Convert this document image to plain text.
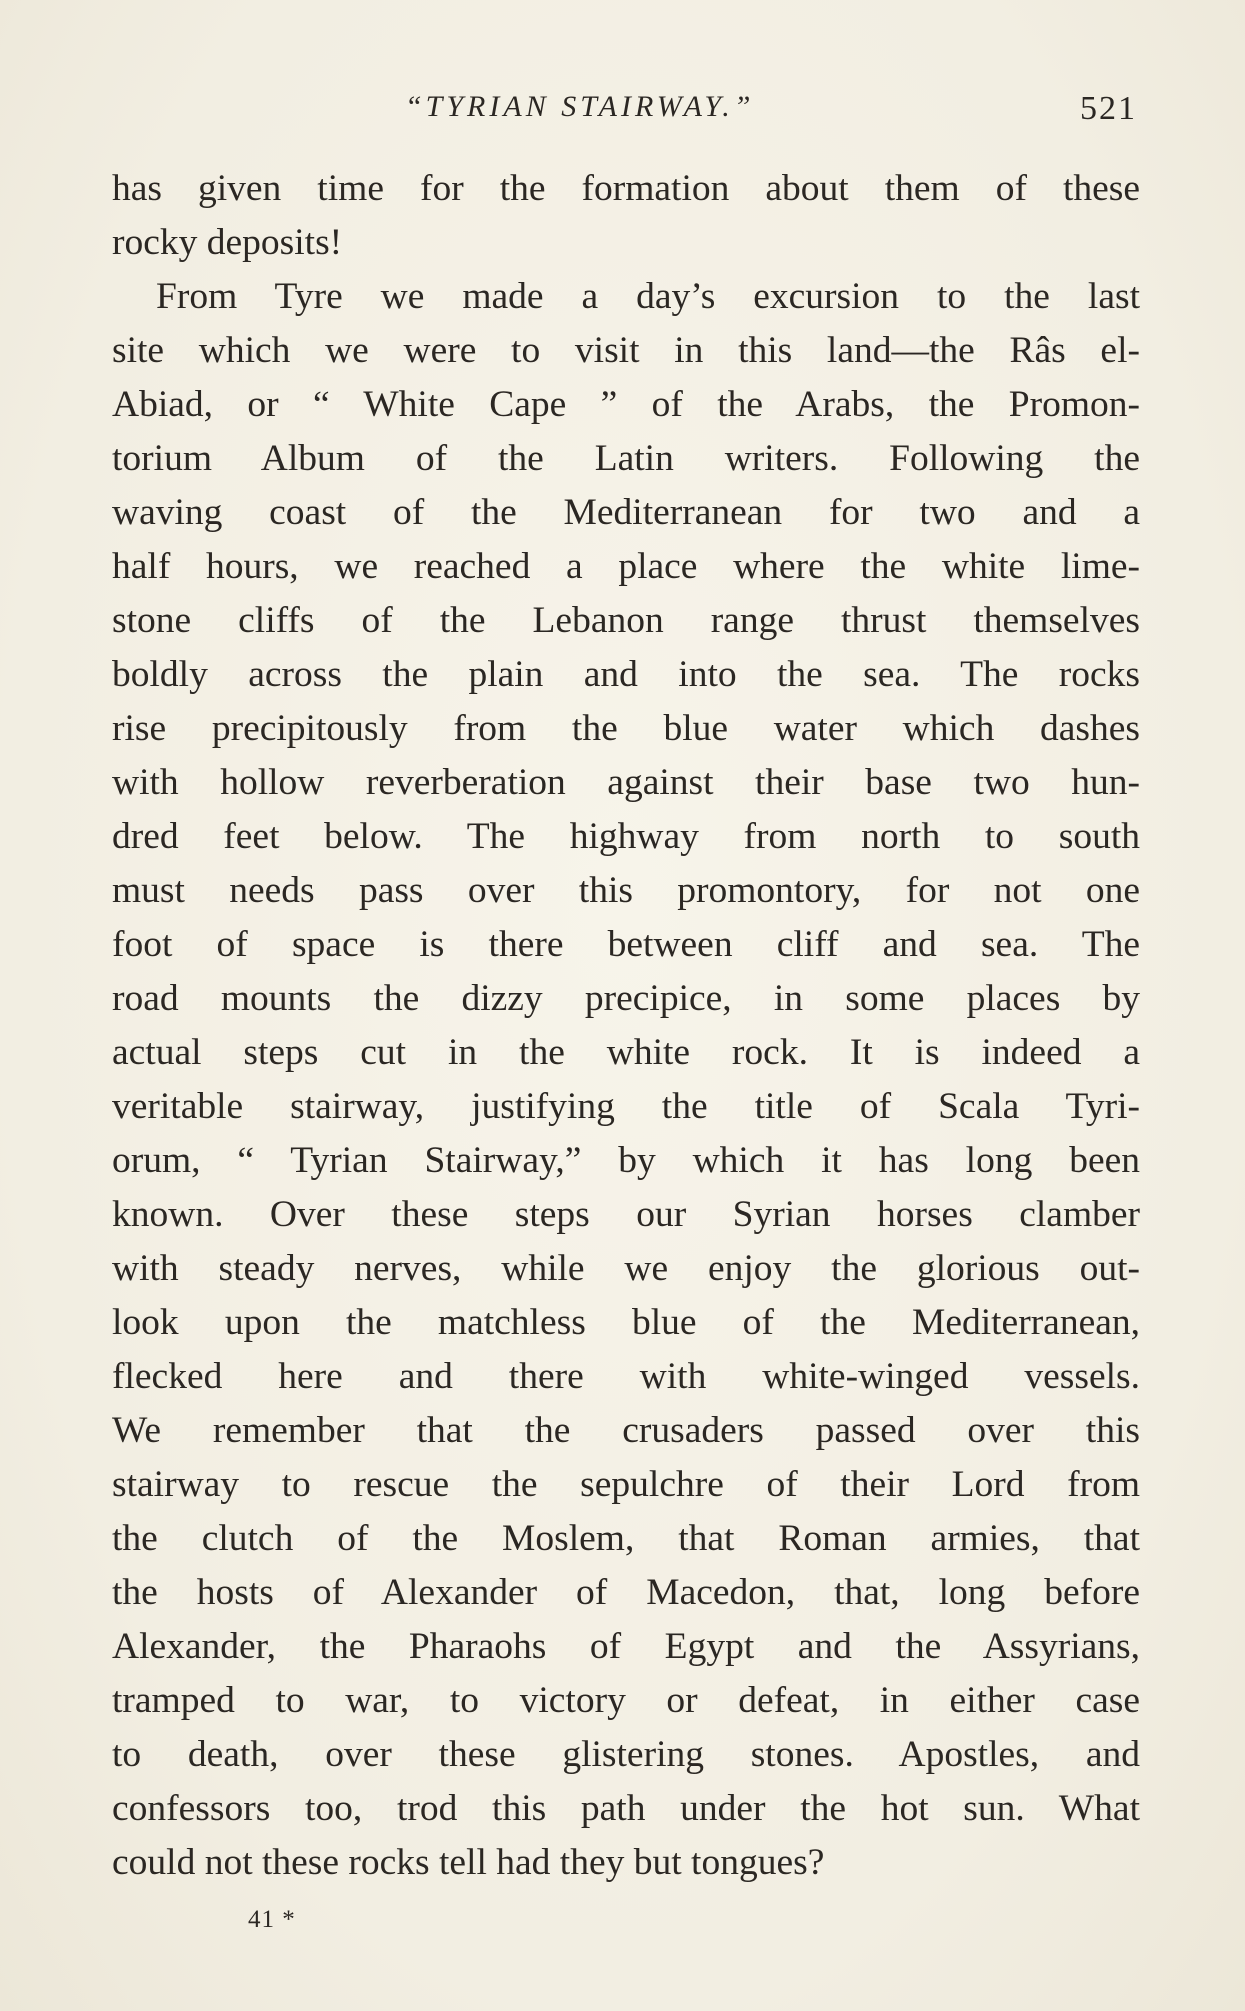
“TYRIAN STAIRWAY.”	521
has given time for the formation about them of these
rocky deposits!
From Tyre we made a day’s excursion to the last
site which we were to visit in this land—the Râs el-
Abiad, or “ White Cape ” of the Arabs, the Promon-
torium Album of the Latin writers. Following the
waving coast of the Mediterranean for two and a
half hours, we reached a place where the white lime-
stone cliffs of the Lebanon range thrust themselves
boldly across the plain and into the sea. The rocks
rise precipitously from the blue water which dashes
with hollow reverberation against their base two hun-
dred feet below. The highway from north to south
must needs pass over this promontory, for not one
foot of space is there between cliff and sea. The
road mounts the dizzy precipice, in some places by
actual steps cut in the white rock. It is indeed a
veritable stairway, justifying the title of Scala Tyri-
orum, “ Tyrian Stairway,” by which it has long been
known. Over these steps our Syrian horses clamber
with steady nerves, while we enjoy the glorious out-
look upon the matchless blue of the Mediterranean,
flecked here and there with white-winged vessels.
We remember that the crusaders passed over this
stairway to rescue the sepulchre of their Lord from
the clutch of the Moslem, that Roman armies, that
the hosts of Alexander of Macedon, that, long before
Alexander, the Pharaohs of Egypt and the Assyrians,
tramped to war, to victory or defeat, in either case
to death, over these glistering stones. Apostles, and
confessors too, trod this path under the hot sun. What
could not these rocks tell had they but tongues?
41 *
